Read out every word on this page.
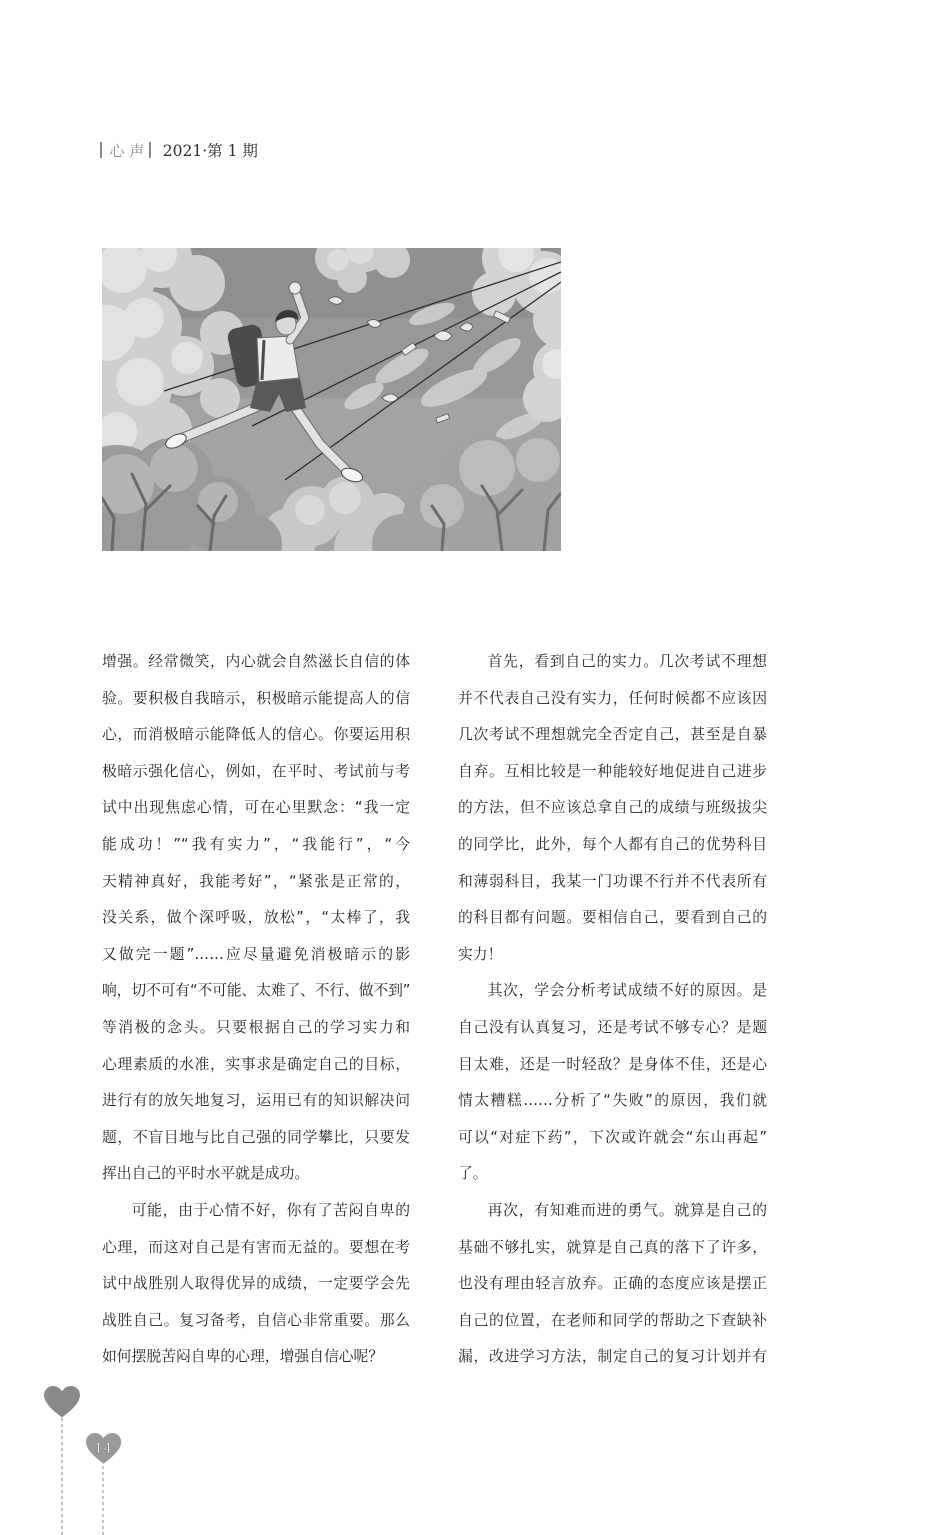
心 声 2021·第 1 期
增强。经常微笑，内心就会自然滋长自信的体
验。要积极自我暗示，积极暗示能提高人的信
心，而消极暗示能降低人的信心。你要运用积
极暗示强化信心，例如，在平时、考试前与考
试中出现焦虑心情，可在心里默念：“我一定
能成功！”“我有实力”，“我能行”，“今
天精神真好，我能考好”，“紧张是正常的，
没关系，做个深呼吸，放松”，“太棒了，我
又做完一题”……应尽量避免消极暗示的影
响，切不可有“不可能、太难了、不行、做不到”
等消极的念头。只要根据自己的学习实力和
心理素质的水准，实事求是确定自己的目标，
进行有的放矢地复习，运用已有的知识解决问
题，不盲目地与比自己强的同学攀比，只要发
挥出自己的平时水平就是成功。
可能，由于心情不好，你有了苦闷自卑的
心理，而这对自己是有害而无益的。要想在考
试中战胜别人取得优异的成绩，一定要学会先
战胜自己。复习备考，自信心非常重要。那么
如何摆脱苦闷自卑的心理，增强自信心呢？
首先，看到自己的实力。几次考试不理想
并不代表自己没有实力，任何时候都不应该因
几次考试不理想就完全否定自己，甚至是自暴
自弃。互相比较是一种能较好地促进自己进步
的方法，但不应该总拿自己的成绩与班级拔尖
的同学比，此外，每个人都有自己的优势科目
和薄弱科目，我某一门功课不行并不代表所有
的科目都有问题。要相信自己，要看到自己的
实力！
其次，学会分析考试成绩不好的原因。是
自己没有认真复习，还是考试不够专心？是题
目太难，还是一时轻敌？是身体不佳，还是心
情太糟糕……分析了“失败”的原因，我们就
可以“对症下药”，下次或许就会“东山再起”
了。
再次，有知难而进的勇气。就算是自己的
基础不够扎实，就算是自己真的落下了许多，
也没有理由轻言放弃。正确的态度应该是摆正
自己的位置，在老师和同学的帮助之下查缺补
漏，改进学习方法，制定自己的复习计划并有
14
